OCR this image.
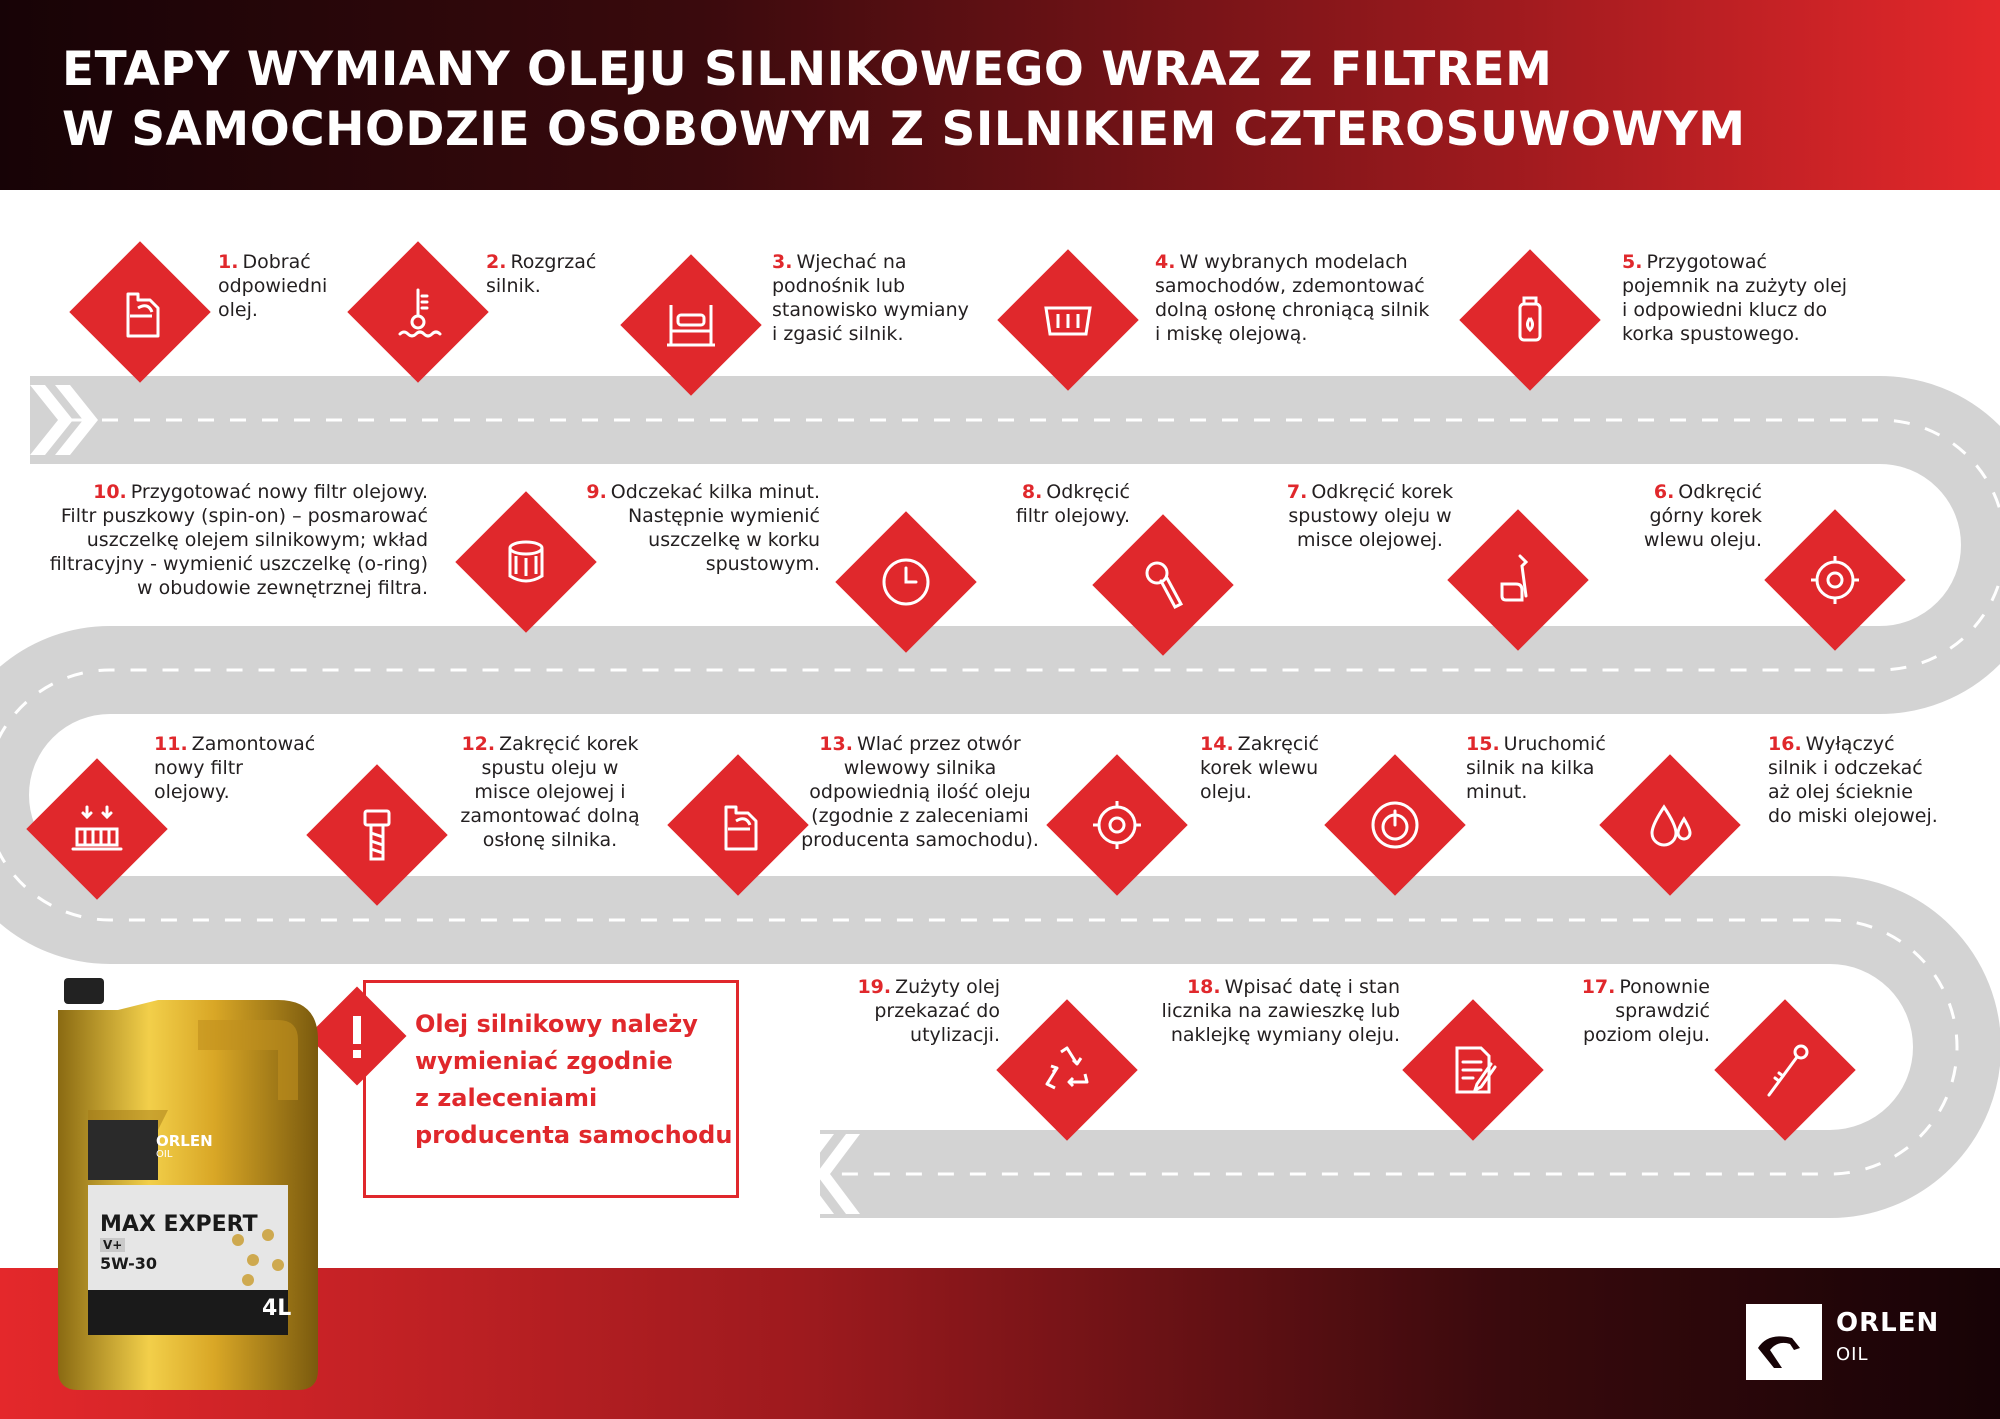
ETAPY WYMIANY OLEJU SILNIKOWEGO WRAZ Z FILTREM
W SAMOCHODZIE OSOBOWYM Z SILNIKIEM CZTEROSUWOWYM

1. Dobrać
odpowiedni
olej.

2. Rozgrzać
silnik.

3. Wjechać na
podnośnik lub
stanowisko wymiany
i zgasić silnik.

4. W wybranych modelach
samochodów, zdemontować
dolną osłonę chroniącą silnik
i miskę olejową.

5. Przygotować
pojemnik na zużyty olej
i odpowiedni klucz do
korka spustowego.

6. Odkręcić
górny korek
wlewu oleju.

7. Odkręcić korek
spustowy oleju w
misce olejowej.

8. Odkręcić
filtr olejowy.

9. Odczekać kilka minut.
Następnie wymienić
uszczelkę w korku
spustowym.

10. Przygotować nowy filtr olejowy.
Filtr puszkowy (spin-on) – posmarować
uszczelkę olejem silnikowym; wkład
filtracyjny - wymienić uszczelkę (o-ring)
w obudowie zewnętrznej filtra.

11. Zamontować
nowy filtr
olejowy.

12. Zakręcić korek
spustu oleju w
misce olejowej i
zamontować dolną
osłonę silnika.

13. Wlać przez otwór
wlewowy silnika
odpowiednią ilość oleju
(zgodnie z zaleceniami
producenta samochodu).

14. Zakręcić
korek wlewu
oleju.

15. Uruchomić
silnik na kilka
minut.

16. Wyłączyć
silnik i odczekać
aż olej ścieknie
do miski olejowej.

17. Ponownie
sprawdzić
poziom oleju.

18. Wpisać datę i stan
licznika na zawieszkę lub
naklejkę wymiany oleju.

19. Zużyty olej
przekazać do
utylizacji.

Olej silnikowy należy
wymieniać zgodnie
z zaleceniami
producenta samochodu

ORLEN
OIL
MAX EXPERT
V+
5W-30
4L	ORLEN
OIL
